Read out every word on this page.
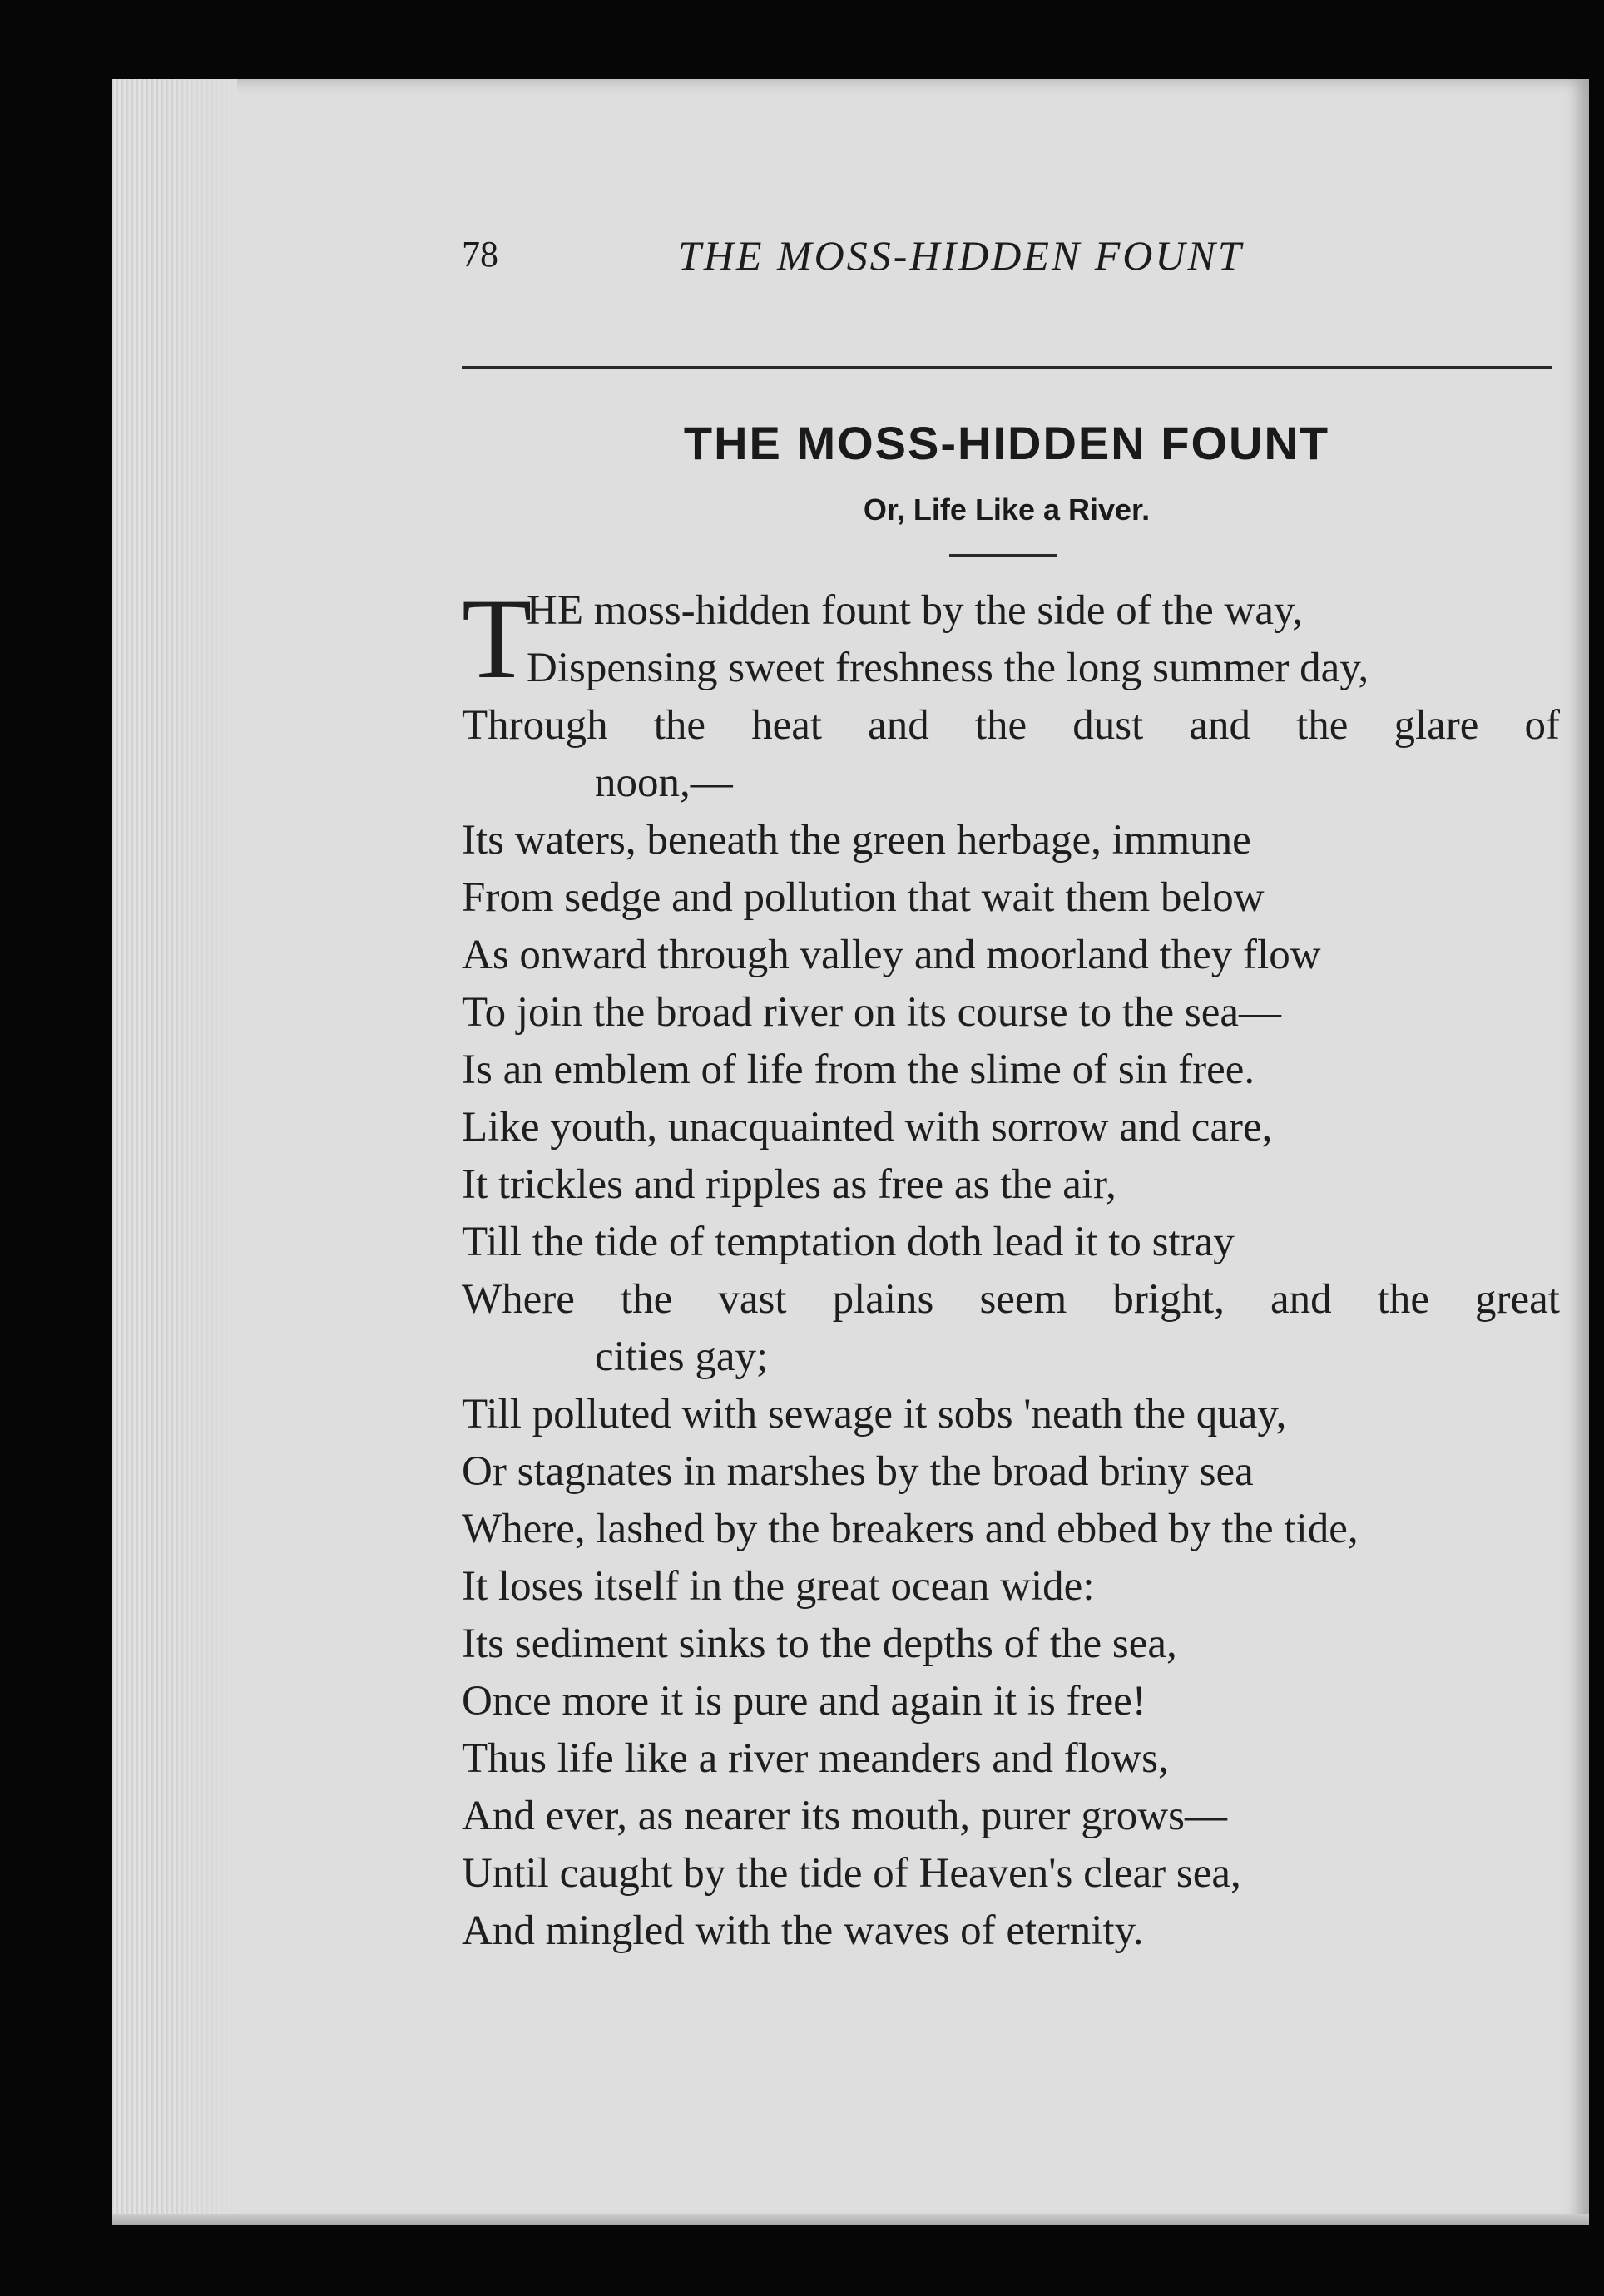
78	THE MOSS-HIDDEN FOUNT
THE MOSS-HIDDEN FOUNT
Or, Life Like a River.
T
HE moss-hidden fount by the side of the way,
Dispensing sweet freshness the long summer day,
Through the heat and the dust and the glare of
noon,—
Its waters, beneath the green herbage, immune
From sedge and pollution that wait them below
As onward through valley and moorland they flow
To join the broad river on its course to the sea—
Is an emblem of life from the slime of sin free.
Like youth, unacquainted with sorrow and care,
It trickles and ripples as free as the air,
Till the tide of temptation doth lead it to stray
Where the vast plains seem bright, and the great
cities gay;
Till polluted with sewage it sobs 'neath the quay,
Or stagnates in marshes by the broad briny sea
Where, lashed by the breakers and ebbed by the tide,
It loses itself in the great ocean wide:
Its sediment sinks to the depths of the sea,
Once more it is pure and again it is free!
Thus life like a river meanders and flows,
And ever, as nearer its mouth, purer grows—
Until caught by the tide of Heaven's clear sea,
And mingled with the waves of eternity.
